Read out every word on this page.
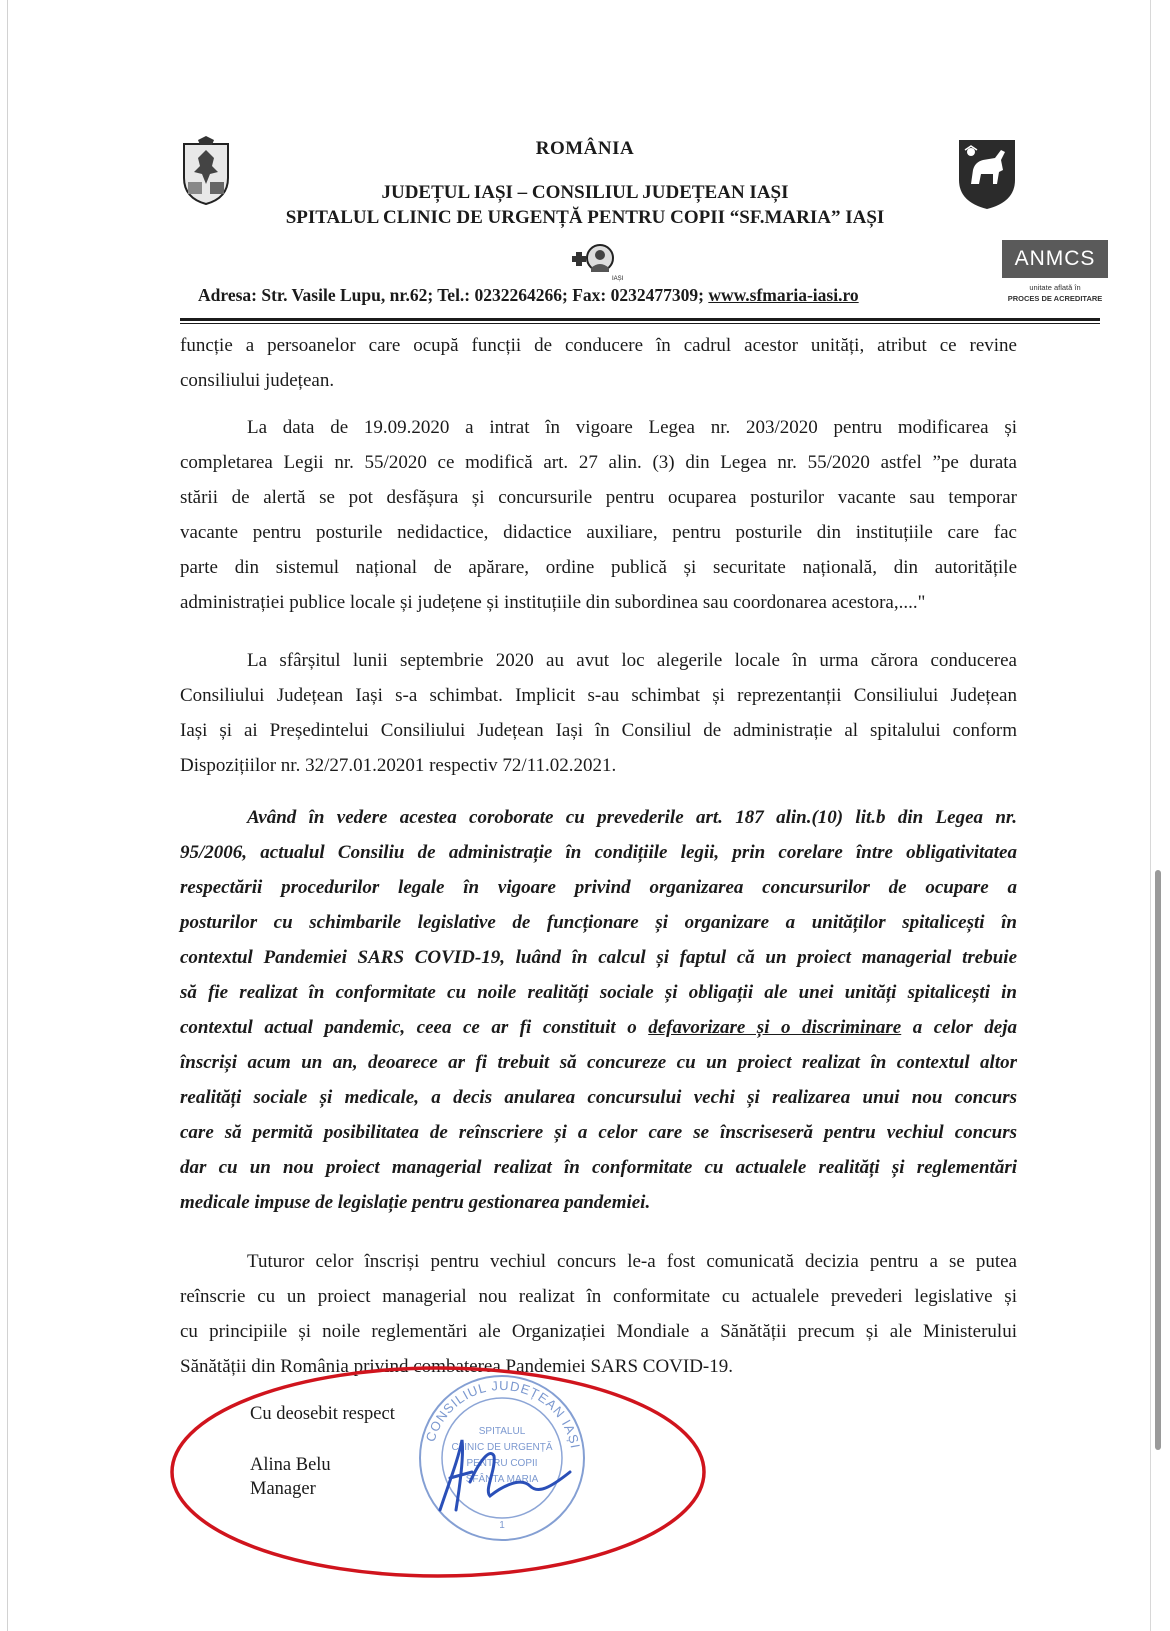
IAȘI
ANMCS
unitate aflată în
PROCES DE ACREDITARE
ROMÂNIA
JUDEȚUL IAȘI – CONSILIUL JUDEȚEAN IAȘI
SPITALUL CLINIC DE URGENȚĂ PENTRU COPII “SF.MARIA” IAȘI
Adresa: Str. Vasile Lupu, nr.62; Tel.: 0232264266; Fax: 0232477309; www.sfmaria-iasi.ro
funcție a persoanelor care ocupă funcții de conducere în cadrul acestor unități, atribut ce revine
consiliului județean.
La data de 19.09.2020 a intrat în vigoare Legea nr. 203/2020 pentru modificarea și
completarea Legii nr. 55/2020 ce modifică art. 27 alin. (3) din Legea nr. 55/2020 astfel ”pe durata
stării de alertă se pot desfășura și concursurile pentru ocuparea posturilor vacante sau temporar
vacante pentru posturile nedidactice, didactice auxiliare, pentru posturile din instituțiile care fac
parte din sistemul național de apărare, ordine publică și securitate națională, din autoritățile
administrației publice locale și județene și instituțiile din subordinea sau coordonarea acestora,...."
La sfârșitul lunii septembrie 2020 au avut loc alegerile locale în urma cărora conducerea
Consiliului Județean Iași s-a schimbat. Implicit s-au schimbat și reprezentanții Consiliului Județean
Iași și ai Președintelui Consiliului Județean Iași în Consiliul de administrație al spitalului conform
Dispozițiilor nr. 32/27.01.20201 respectiv 72/11.02.2021.
Având în vedere acestea coroborate cu prevederile art. 187 alin.(10) lit.b din Legea nr.
95/2006, actualul Consiliu de administrație în condițiile legii, prin corelare între obligativitatea
respectării procedurilor legale în vigoare privind organizarea concursurilor de ocupare a
posturilor cu schimbarile legislative de funcționare și organizare a unităților spitalicești în
contextul Pandemiei SARS COVID-19, luând în calcul și faptul că un proiect managerial trebuie
să fie realizat în conformitate cu noile realități sociale și obligații ale unei unități spitalicești in
contextul actual pandemic, ceea ce ar fi constituit o defavorizare și o discriminare a celor deja
înscriși acum un an, deoarece ar fi trebuit să concureze cu un proiect realizat în contextul altor
realități sociale și medicale, a decis anularea concursului vechi și realizarea unui nou concurs
care să permită posibilitatea de reînscriere și a celor care se înscriseseră pentru vechiul concurs
dar cu un nou proiect managerial realizat în conformitate cu actualele realități și reglementări
medicale impuse de legislație pentru gestionarea pandemiei.
Tuturor celor înscriși pentru vechiul concurs le-a fost comunicată decizia pentru a se putea
reînscrie cu un proiect managerial nou realizat în conformitate cu actualele prevederi legislative și
cu principiile și noile reglementări ale Organizației Mondiale a Sănătății precum și ale Ministerului
Sănătății din România privind combaterea Pandemiei SARS COVID-19.
Cu deosebit respect
Alina Belu
Manager
CONSILIUL JUDEȚEAN IAȘI
SPITALUL
CLINIC DE URGENȚĂ
PENTRU COPII
SFÂNTA MARIA
1
